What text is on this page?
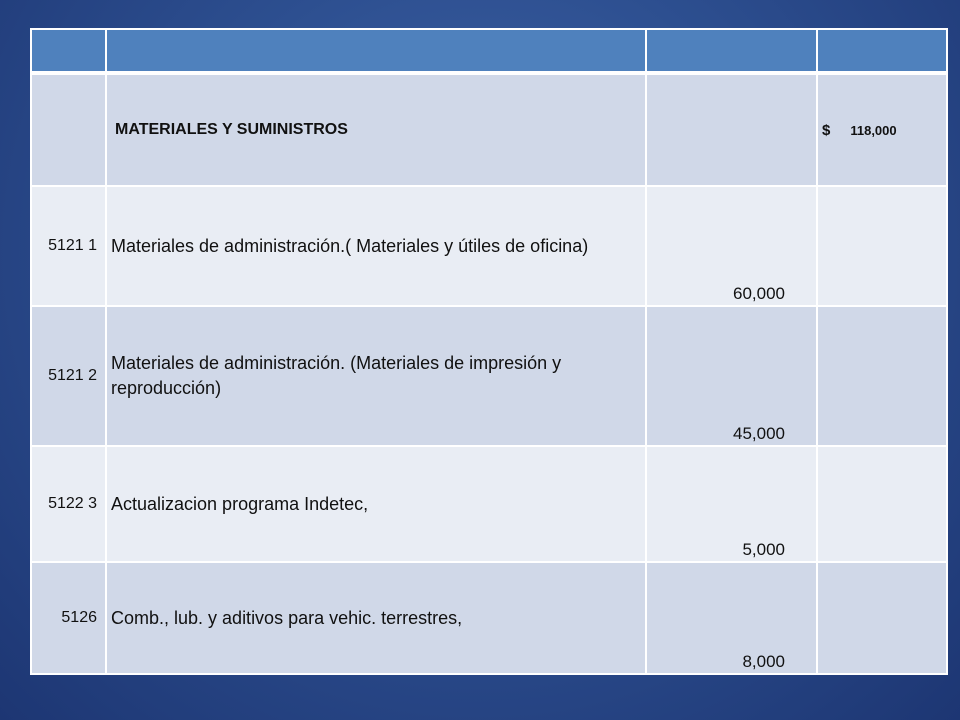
	MATERIALES Y SUMINISTROS		$ 118,000
5121 1	Materiales de administración.( Materiales y útiles de oficina)	60,000	
5121 2	Materiales de administración. (Materiales de impresión y reproducción)	45,000	
5122 3	Actualizacion programa Indetec,	5,000	
5126	Comb., lub. y aditivos para vehic. terrestres,	8,000	
